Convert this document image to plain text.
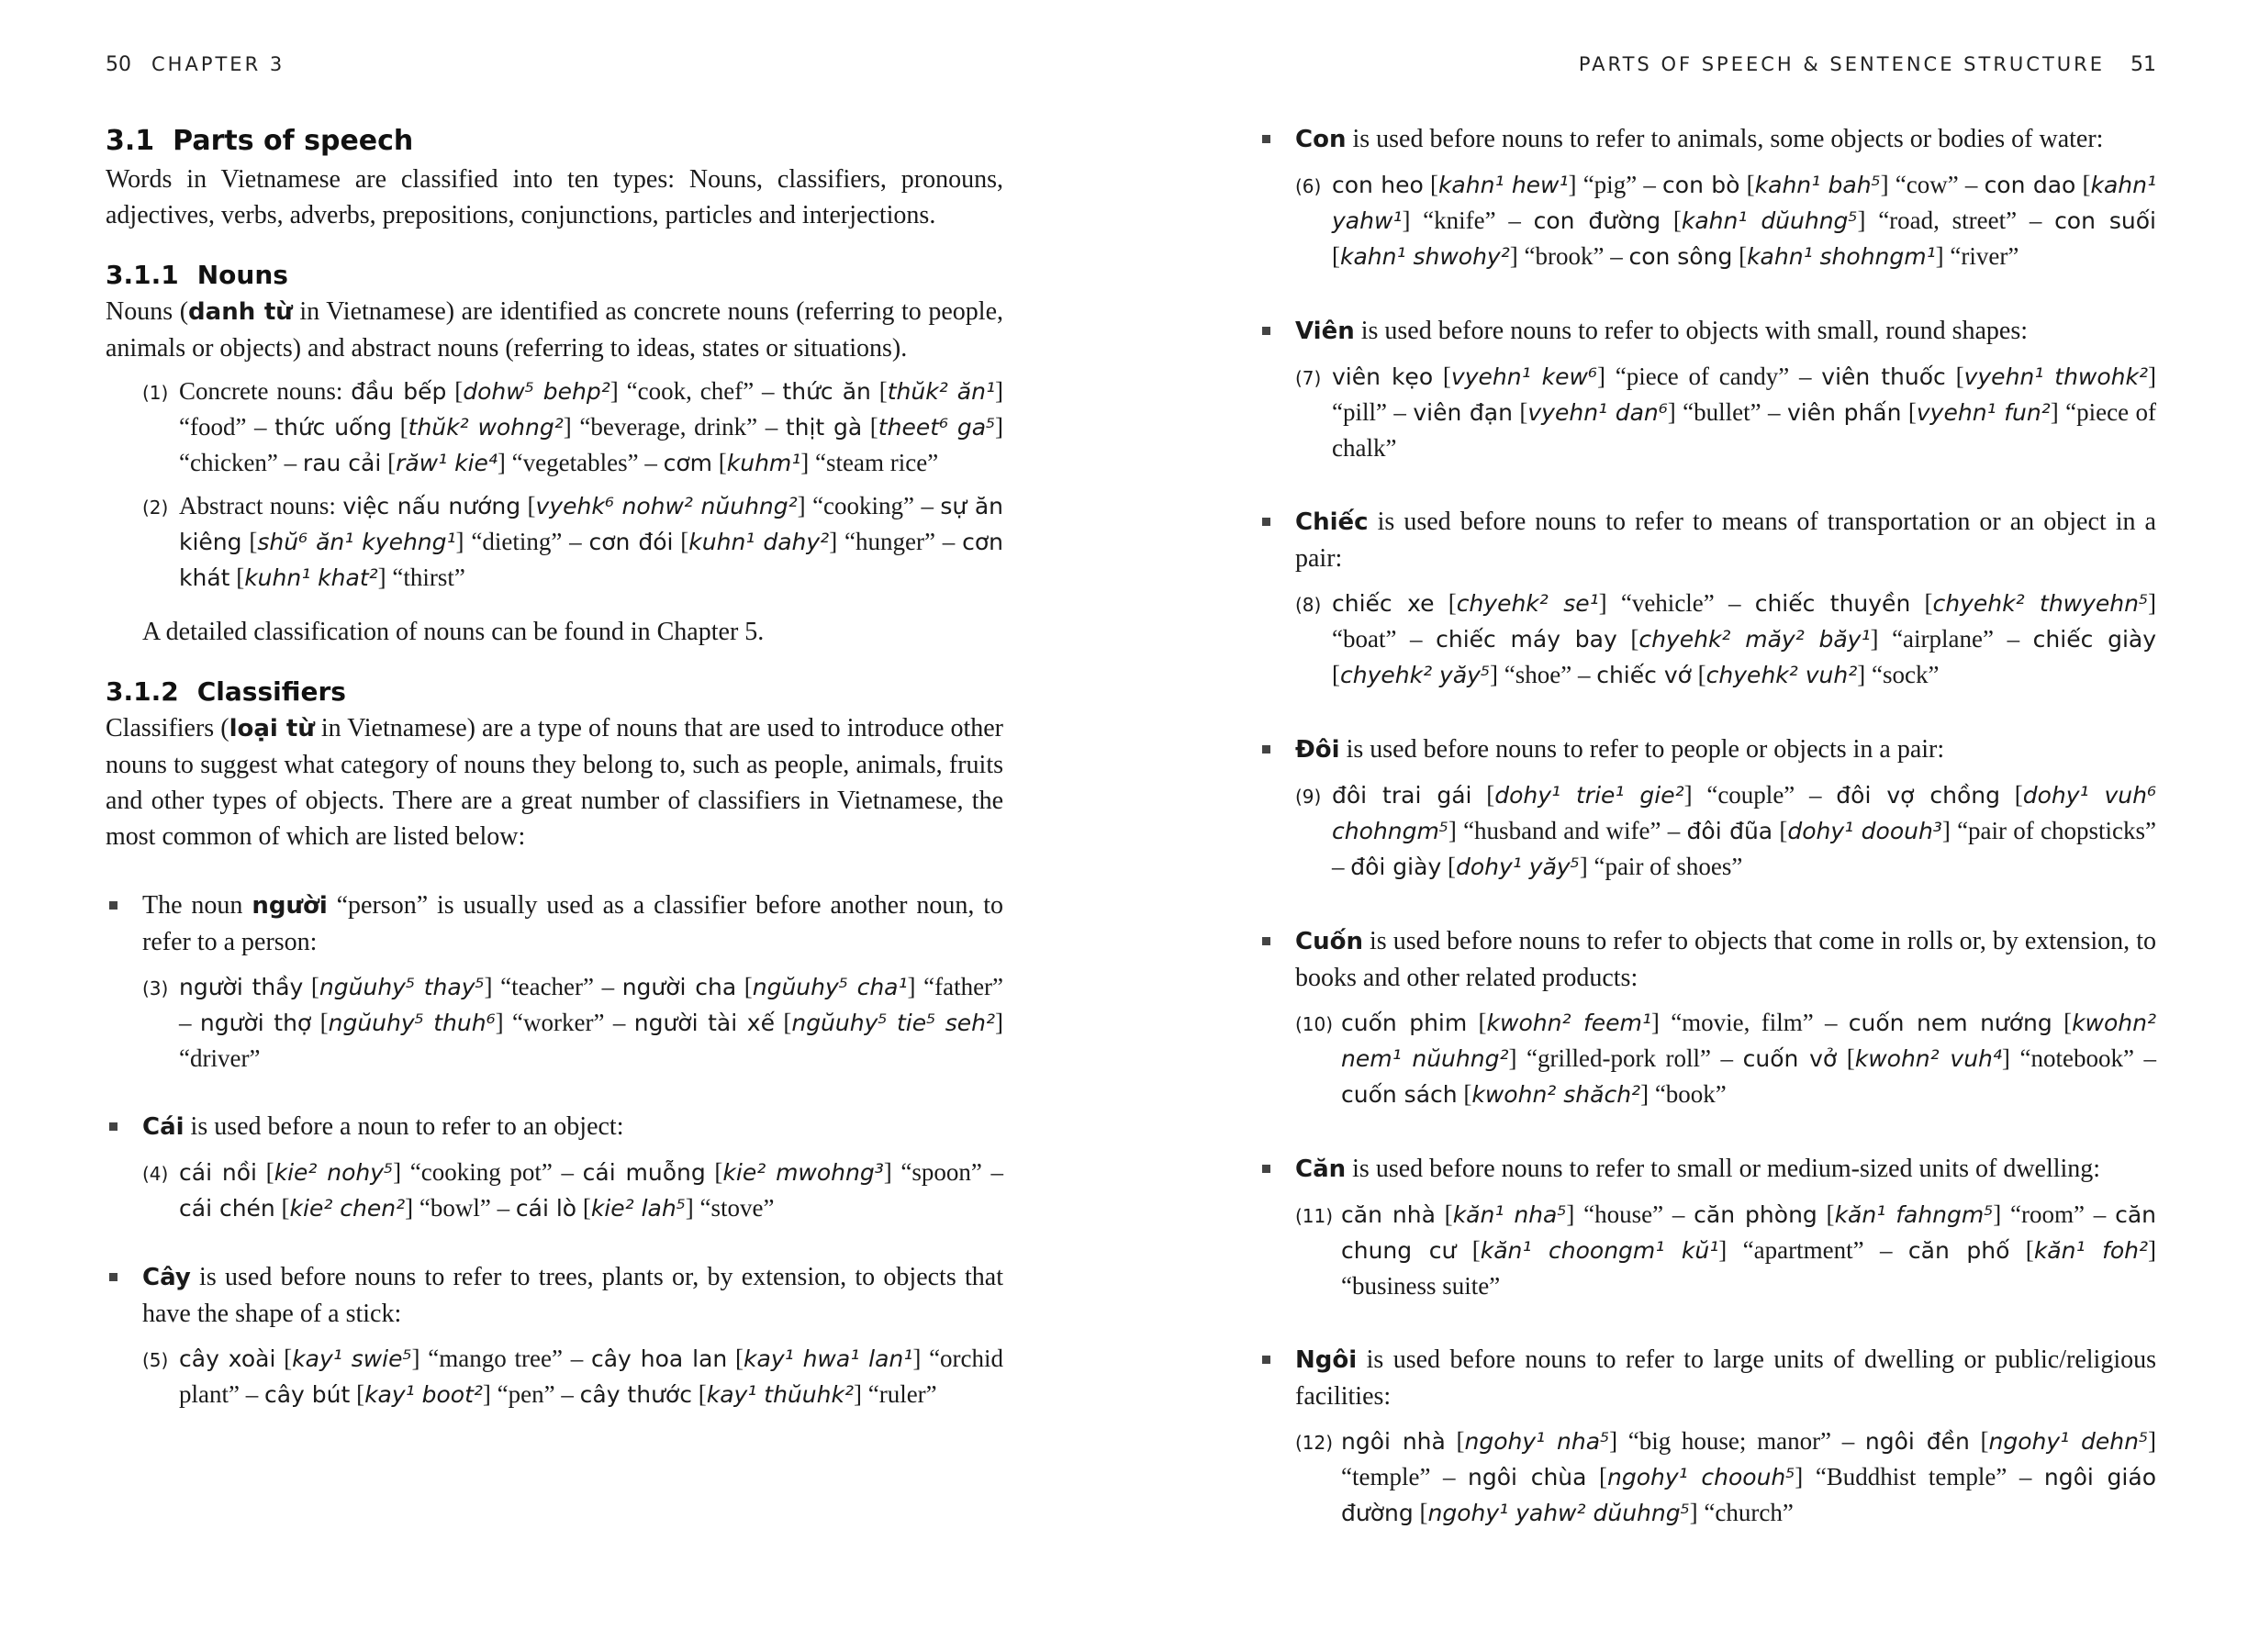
50 CHAPTER 3
3.1 Parts of speech

Words in Vietnamese are classified into ten types: Nouns, classifiers, pronouns, adjectives, verbs, adverbs, prepositions, conjunctions, particles and interjections.

3.1.1 Nouns

Nouns (danh từ in Vietnamese) are identified as concrete nouns (referring to people, animals or objects) and abstract nouns (referring to ideas, states or situations).

(1) Concrete nouns: đầu bếp [dohw⁵ behp²] “cook, chef” – thức ăn [thŭk² ăn¹] “food” – thức uống [thŭk² wohng²] “beverage, drink” – thịt gà [theet⁶ ga⁵] “chicken” – rau cải [răw¹ kie⁴] “vegetables” – cơm [kuhm¹] “steam rice”
(2) Abstract nouns: việc nấu nướng [vyehk⁶ nohw² nŭuhng²] “cooking” – sự ăn kiêng [shŭ⁶ ăn¹ kyehng¹] “dieting” – cơn đói [kuhn¹ dahy²] “hunger” – cơn khát [kuhn¹ khat²] “thirst”

A detailed classification of nouns can be found in Chapter 5.

3.1.2 Classifiers

Classifiers (loại từ in Vietnamese) are a type of nouns that are used to introduce other nouns to suggest what category of nouns they belong to, such as people, animals, fruits and other types of objects. There are a great number of classifiers in Vietnamese, the most common of which are listed below:

The noun người “person” is usually used as a classifier before another noun, to refer to a person:

(3) người thầy [ngŭuhy⁵ thay⁵] “teacher” – người cha [ngŭuhy⁵ cha¹] “father” – người thợ [ngŭuhy⁵ thuh⁶] “worker” – người tài xế [ngŭuhy⁵ tie⁵ seh²] “driver”

Cái is used before a noun to refer to an object:

(4) cái nồi [kie² nohy⁵] “cooking pot” – cái muỗng [kie² mwohng³] “spoon” – cái chén [kie² chen²] “bowl” – cái lò [kie² lah⁵] “stove”

Cây is used before nouns to refer to trees, plants or, by extension, to objects that have the shape of a stick:

(5) cây xoài [kay¹ swie⁵] “mango tree” – cây hoa lan [kay¹ hwa¹ lan¹] “orchid plant” – cây bút [kay¹ boot²] “pen” – cây thước [kay¹ thŭuhk²] “ruler”
PARTS OF SPEECH & SENTENCE STRUCTURE 51

Con is used before nouns to refer to animals, some objects or bodies of water:

(6) con heo [kahn¹ hew¹] “pig” – con bò [kahn¹ bah⁵] “cow” – con dao [kahn¹ yahw¹] “knife” – con đường [kahn¹ dŭuhng⁵] “road, street” – con suối [kahn¹ shwohy²] “brook” – con sông [kahn¹ shohngm¹] “river”

Viên is used before nouns to refer to objects with small, round shapes:

(7) viên kẹo [vyehn¹ kew⁶] “piece of candy” – viên thuốc [vyehn¹ thwohk²] “pill” – viên đạn [vyehn¹ dan⁶] “bullet” – viên phấn [vyehn¹ fun²] “piece of chalk”

Chiếc is used before nouns to refer to means of transportation or an object in a pair:

(8) chiếc xe [chyehk² se¹] “vehicle” – chiếc thuyền [chyehk² thwyehn⁵] “boat” – chiếc máy bay [chyehk² măy² băy¹] “airplane” – chiếc giày [chyehk² yăy⁵] “shoe” – chiếc vớ [chyehk² vuh²] “sock”

Đôi is used before nouns to refer to people or objects in a pair:

(9) đôi trai gái [dohy¹ trie¹ gie²] “couple” – đôi vợ chồng [dohy¹ vuh⁶ chohngm⁵] “husband and wife” – đôi đũa [dohy¹ doouh³] “pair of chopsticks” – đôi giày [dohy¹ yăy⁵] “pair of shoes”

Cuốn is used before nouns to refer to objects that come in rolls or, by extension, to books and other related products:

(10) cuốn phim [kwohn² feem¹] “movie, film” – cuốn nem nướng [kwohn² nem¹ nŭuhng²] “grilled-pork roll” – cuốn vở [kwohn² vuh⁴] “notebook” – cuốn sách [kwohn² shăch²] “book”

Căn is used before nouns to refer to small or medium-sized units of dwelling:

(11) căn nhà [kăn¹ nha⁵] “house” – căn phòng [kăn¹ fahngm⁵] “room” – căn chung cư [kăn¹ choongm¹ kŭ¹] “apartment” – căn phố [kăn¹ foh²] “business suite”

Ngôi is used before nouns to refer to large units of dwelling or public/religious facilities:

(12) ngôi nhà [ngohy¹ nha⁵] “big house; manor” – ngôi đền [ngohy¹ dehn⁵] “temple” – ngôi chùa [ngohy¹ choouh⁵] “Buddhist temple” – ngôi giáo đường [ngohy¹ yahw² dŭuhng⁵] “church”
